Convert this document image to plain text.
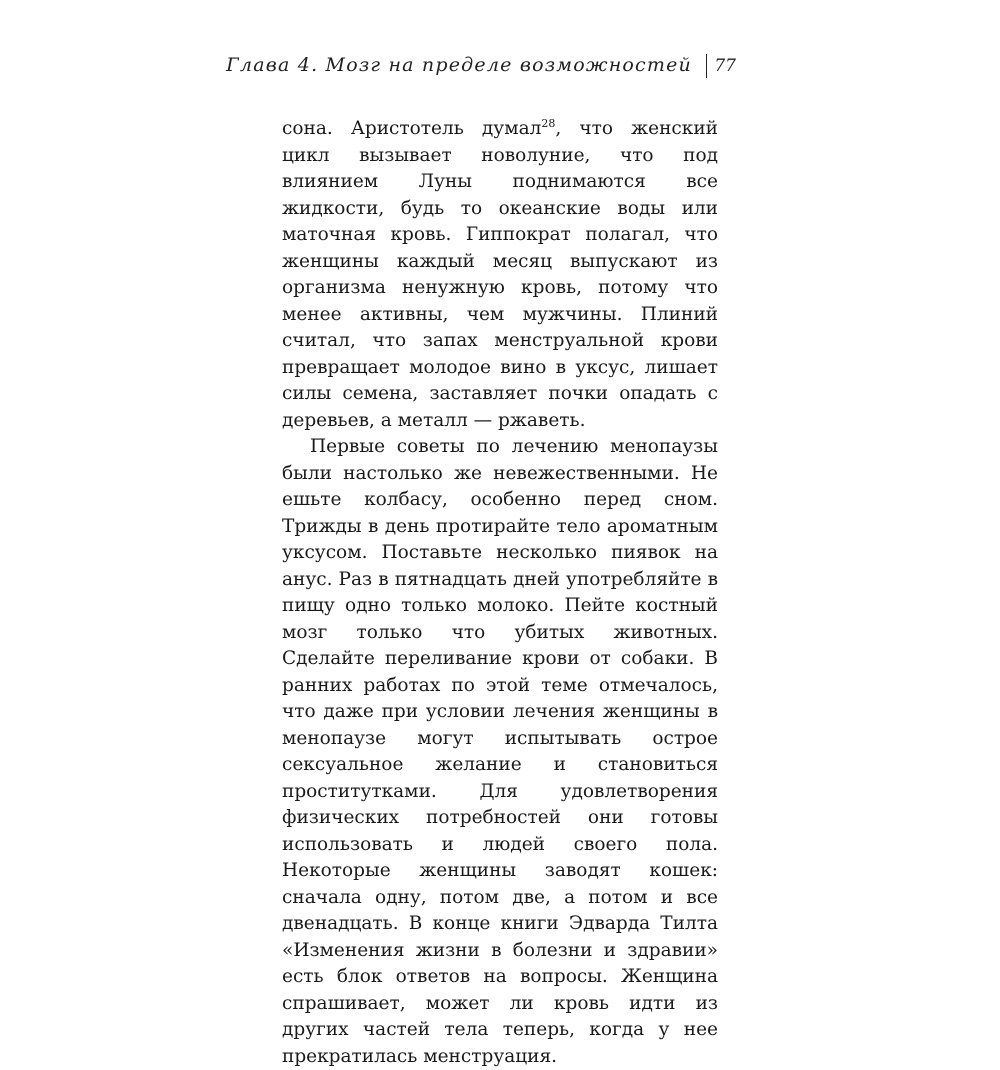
Глава 4. Мозг на пределе возможностей 77

сона. Аристотель думал$^{28}$, что женский цикл вызывает новолуние, что под влиянием Луны поднимаются все жидкости, будь то океанские воды или маточная кровь. Гиппократ полагал, что женщины каждый месяц выпускают из организма ненужную кровь, потому что менее активны, чем мужчины. Плиний считал, что запах менструальной крови превращает молодое вино в уксус, лишает силы семена, заставляет почки опадать с деревьев, а металл — ржаветь.

Первые советы по лечению менопаузы были настолько же невежественными. Не ешьте колбасу, особенно перед сном. Трижды в день протирайте тело ароматным уксусом. Поставьте несколько пиявок на анус. Раз в пятнадцать дней употребляйте в пищу одно только молоко. Пейте костный мозг только что убитых животных. Сделайте переливание крови от собаки. В ранних работах по этой теме отмечалось, что даже при условии лечения женщины в менопаузе могут испытывать острое сексуальное желание и становиться проститутками. Для удовлетворения физических потребностей они готовы использовать и людей своего пола. Некоторые женщины заводят кошек: сначала одну, потом две, а потом и все двенадцать. В конце книги Эдварда Тилта «Изменения жизни в болезни и здравии» есть блок ответов на вопросы. Женщина спрашивает, может ли кровь идти из других частей тела теперь, когда у нее прекратилась менструация.
